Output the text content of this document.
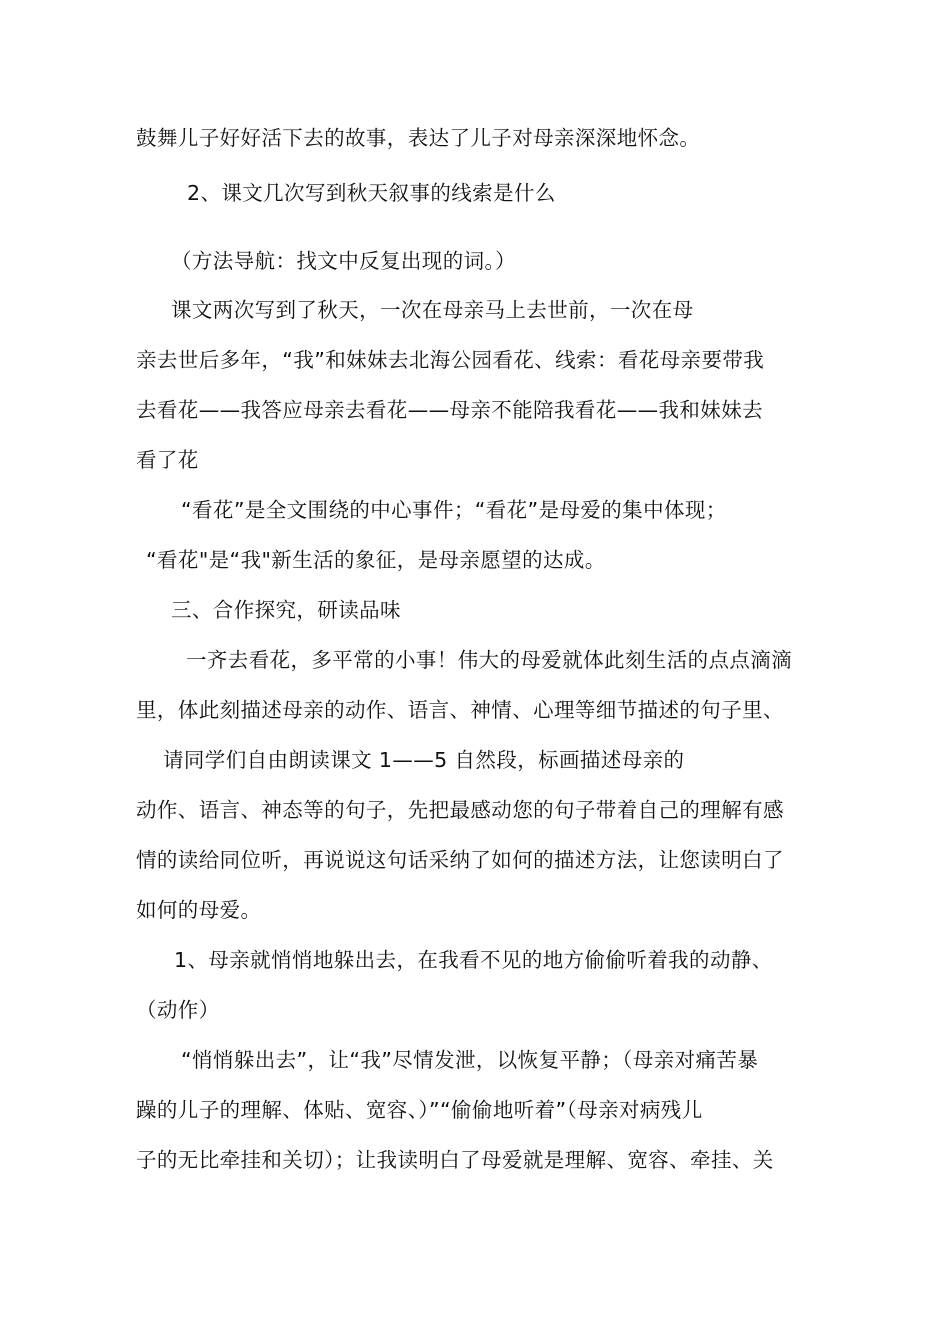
鼓舞儿子好好活下去的故事，表达了儿子对母亲深深地怀念。
2、课文几次写到秋天叙事的线索是什么
（方法导航：找文中反复出现的词。）
课文两次写到了秋天，一次在母亲马上去世前，一次在母
亲去世后多年，“我”和妹妹去北海公园看花、线索：看花母亲要带我
去看花——我答应母亲去看花——母亲不能陪我看花——我和妹妹去
看了花
“看花”是全文围绕的中心事件；“看花”是母爱的集中体现；
“看花"是“我"新生活的象征，是母亲愿望的达成。
三、合作探究，研读品味
一齐去看花，多平常的小事！伟大的母爱就体此刻生活的点点滴滴
里，体此刻描述母亲的动作、语言、神情、心理等细节描述的句子里、
请同学们自由朗读课文 1——5 自然段，标画描述母亲的
动作、语言、神态等的句子，先把最感动您的句子带着自己的理解有感
情的读给同位听，再说说这句话采纳了如何的描述方法，让您读明白了
如何的母爱。
1、母亲就悄悄地躲出去，在我看不见的地方偷偷听着我的动静、
（动作）
“悄悄躲出去”，让“我”尽情发泄，以恢复平静；（母亲对痛苦暴
躁的儿子的理解、体贴、宽容、）”“偷偷地听着”（母亲对病残儿
子的无比牵挂和关切）；让我读明白了母爱就是理解、宽容、牵挂、关
